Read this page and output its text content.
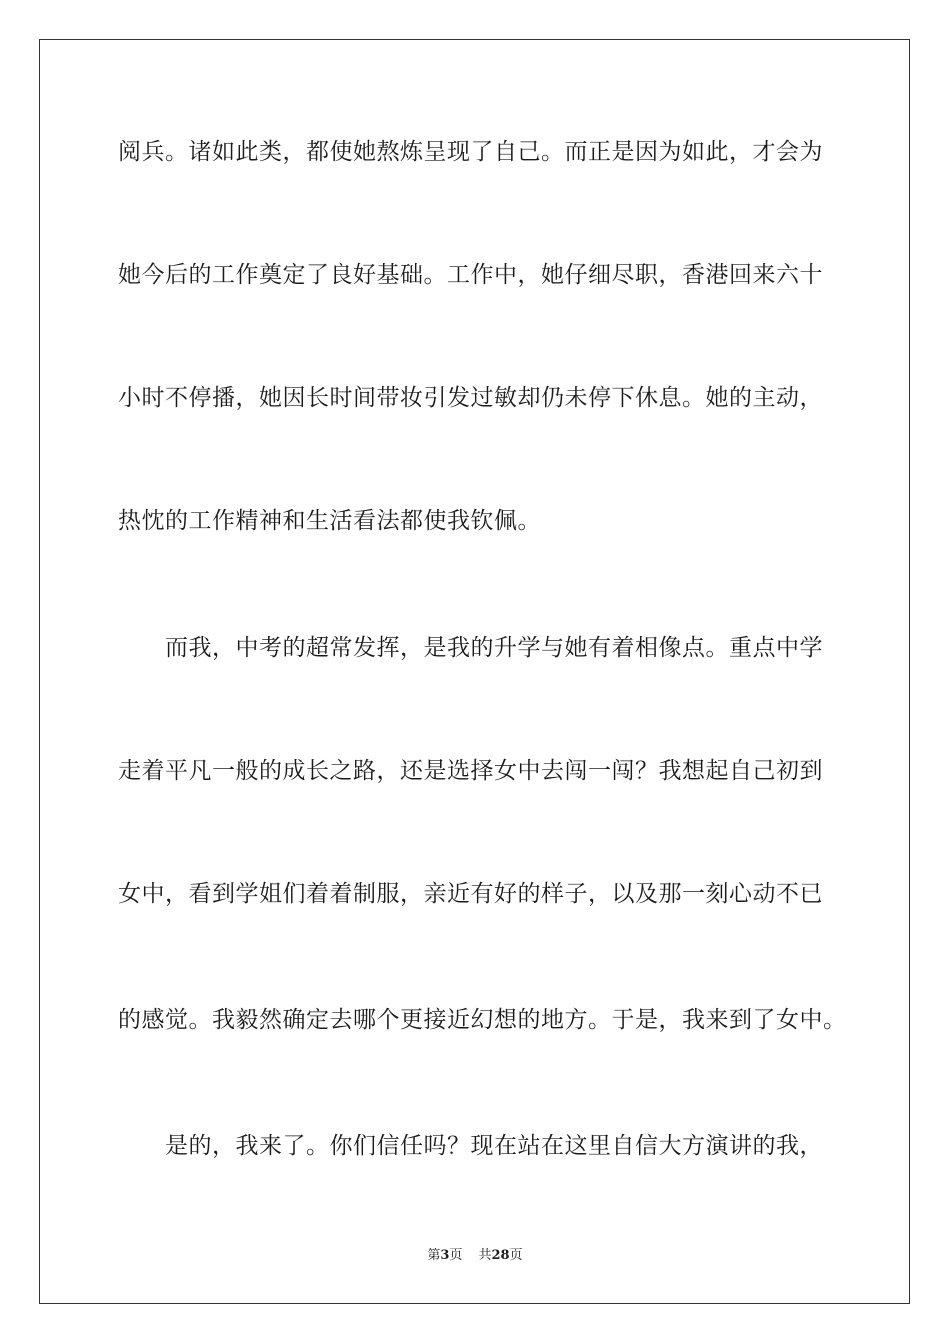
阅兵。诸如此类，都使她熬炼呈现了自己。而正是因为如此，才会为
她今后的工作奠定了良好基础。工作中，她仔细尽职，香港回来六十
小时不停播，她因长时间带妆引发过敏却仍未停下休息。她的主动，
热忱的工作精神和生活看法都使我钦佩。
而我，中考的超常发挥，是我的升学与她有着相像点。重点中学
走着平凡一般的成长之路，还是选择女中去闯一闯？我想起自己初到
女中，看到学姐们着着制服，亲近有好的样子，以及那一刻心动不已
的感觉。我毅然确定去哪个更接近幻想的地方。于是，我来到了女中。
是的，我来了。你们信任吗？现在站在这里自信大方演讲的我，
第3页 共28页
